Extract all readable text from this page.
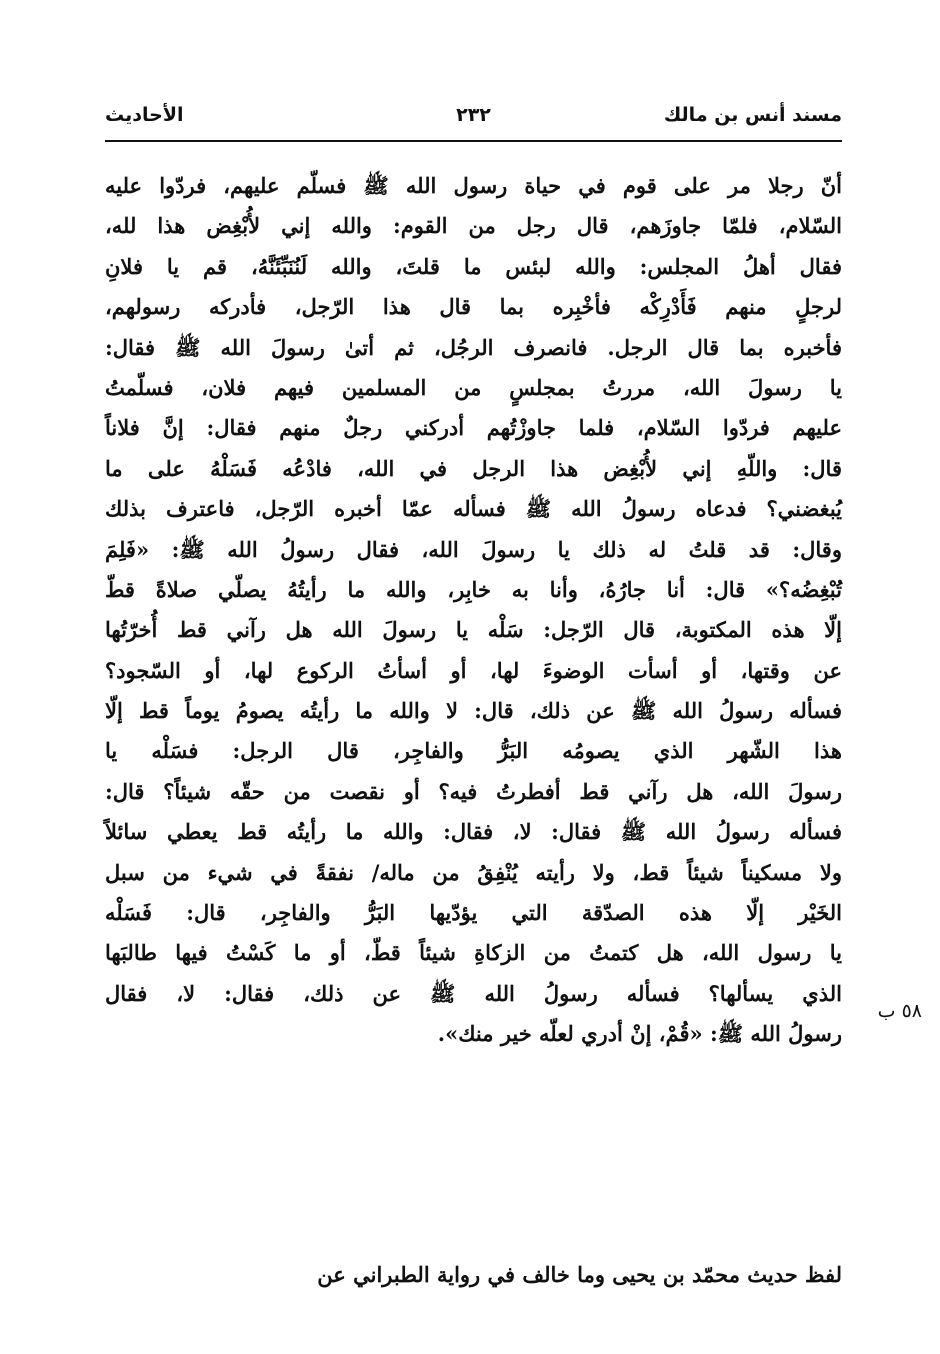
مسند أنس بن مالك
٢٣٢
الأحاديث
أنّ رجلا مر على قوم في حياة رسول الله ﷺ فسلّم عليهم، فردّوا عليه
السّلام، فلمّا جاوزَهم، قال رجل من القوم: والله إني لأُبْغِض هذا لله،
فقال أهلُ المجلس: والله لبئس ما قلتَ، والله لَنُنَبِّئَنَّهُ، قم يا فلانِ
لرجلٍ منهم فَأَدْرِكْه فأخْبِره بما قال هذا الرّجل، فأدركه رسولهم،
فأخبره بما قال الرجل. فانصرف الرجُل، ثم أتىٰ رسولَ الله ﷺ فقال:
يا رسولَ الله، مررتُ بمجلسٍ من المسلمين فيهم فلان، فسلّمتُ
عليهم فردّوا السّلام، فلما جاوزْتُهم أدركني رجلٌ منهم فقال: إنَّ فلاناً
قال: واللّهِ إني لأُبْغِض هذا الرجل في الله، فادْعُه فَسَلْهُ على ما
يُبغضني؟ فدعاه رسولُ الله ﷺ فسأله عمّا أخبره الرّجل، فاعترف بذلك
وقال: قد قلتُ له ذلك يا رسولَ الله، فقال رسولُ الله ﷺ: «فَلِمَ
تُبْغِضُه؟» قال: أنا جارُهُ، وأنا به خابِر، والله ما رأيتُهُ يصلّي صلاةً قطّ
إلّا هذه المكتوبة، قال الرّجل: سَلْه يا رسولَ الله هل رآني قط أُخرّتُها
عن وقتها، أو أسأت الوضوءَ لها، أو أسأتُ الركوع لها، أو السّجود؟
فسأله رسولُ الله ﷺ عن ذلك، قال: لا والله ما رأيتُه يصومُ يوماً قط إلّا
هذا الشّهر الذي يصومُه البَرُّ والفاجِر، قال الرجل: فسَلْه يا
رسولَ الله، هل رآني قط أفطرتُ فيه؟ أو نقصت من حقّه شيئاً؟ قال:
فسأله رسولُ الله ﷺ فقال: لا، فقال: والله ما رأيتُه قط يعطي سائلاً
ولا مسكيناً شيئاً قط، ولا رأيته يُنْفِقُ من ماله/ نفقةً في شيء من سبل
الخَيْر إلّا هذه الصدّقة التي يؤدّيها البَرُّ والفاجِر، قال: فَسَلْه
يا رسول الله، هل كتمتُ من الزكاةِ شيئاً قطّ، أو ما كَسْتُ فيها طالبَها
الذي يسألها؟ فسأله رسولُ الله ﷺ عن ذلك، فقال: لا، فقال
رسولُ الله ﷺ: «قُمْ، إنْ أدري لعلّه خير منك».
لفظ حديث محمّد بن يحيى وما خالف في رواية الطبراني عن
٥٨ ب
